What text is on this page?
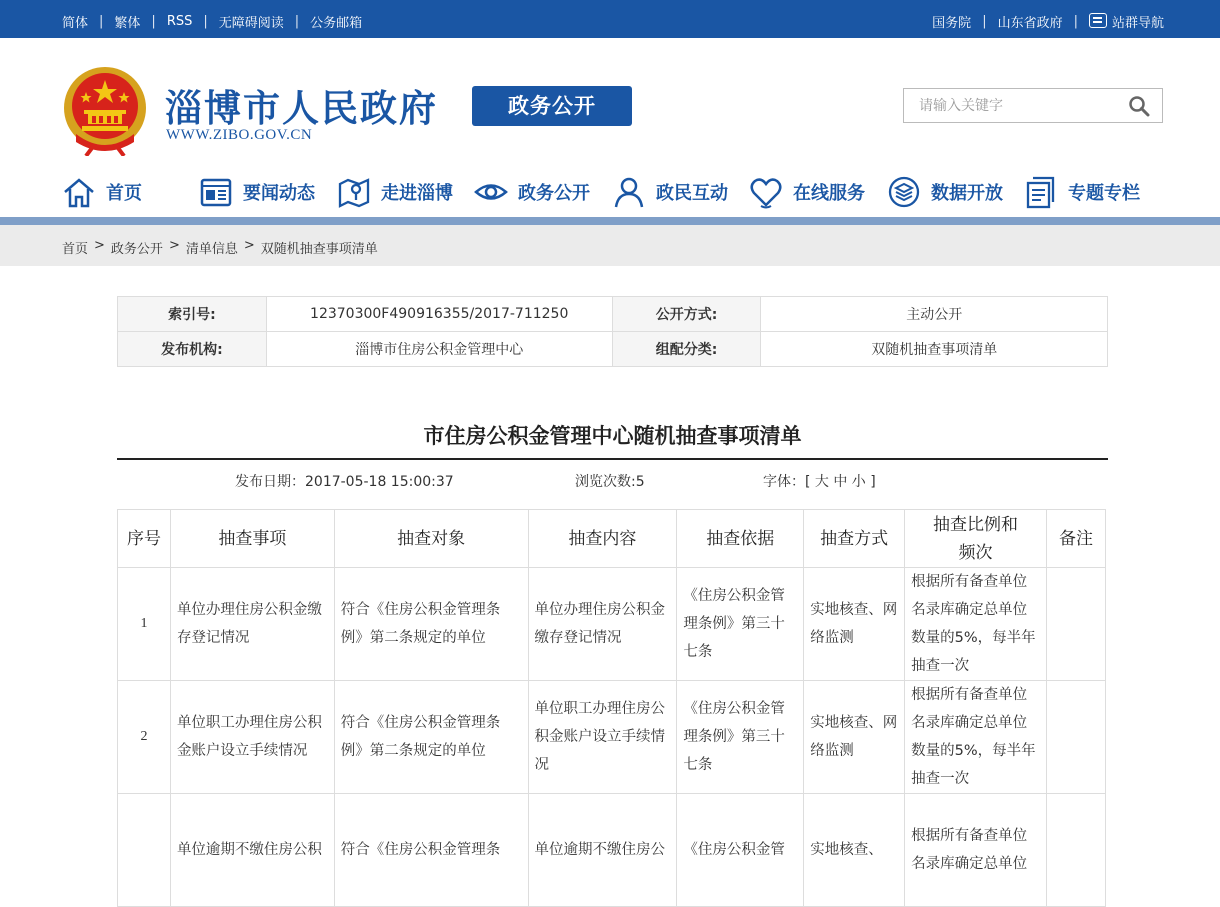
简体 | 繁体 | RSS | 无障碍阅读 | 公务邮箱	国务院 | 山东省政府 |	站群导航
淄博市人民政府
WWW.ZIBO.GOV.CN
政务公开
请输入关键字
首页	要闻动态	走进淄博	政务公开	政民互动	在线服务	数据开放	专题专栏
首页 > 政务公开 > 清单信息 > 双随机抽查事项清单
索引号:	12370300F490916355/2017-711250	公开方式:	主动公开
发布机构:	淄博市住房公积金管理中心	组配分类:	双随机抽查事项清单
市住房公积金管理中心随机抽查事项清单
发布日期：2017-05-18 15:00:37	浏览次数:5	字体：[ 大 中 小 ]
序号	抽查事项	抽查对象	抽查内容	抽查依据	抽查方式	抽查比例和频次	备注
1	单位办理住房公积金缴存登记情况	符合《住房公积金管理条例》第二条规定的单位	单位办理住房公积金缴存登记情况	《住房公积金管理条例》第三十七条	实地核查、网络监测	根据所有备查单位名录库确定总单位数量的5%，每半年抽查一次	
2	单位职工办理住房公积金账户设立手续情况	符合《住房公积金管理条例》第二条规定的单位	单位职工办理住房公积金账户设立手续情况	《住房公积金管理条例》第三十七条	实地核查、网络监测	根据所有备查单位名录库确定总单位数量的5%，每半年抽查一次	
	单位逾期不缴住房公积	符合《住房公积金管理条	单位逾期不缴住房公	《住房公积金管	实地核查、	根据所有备查单位名录库确定总单位	
